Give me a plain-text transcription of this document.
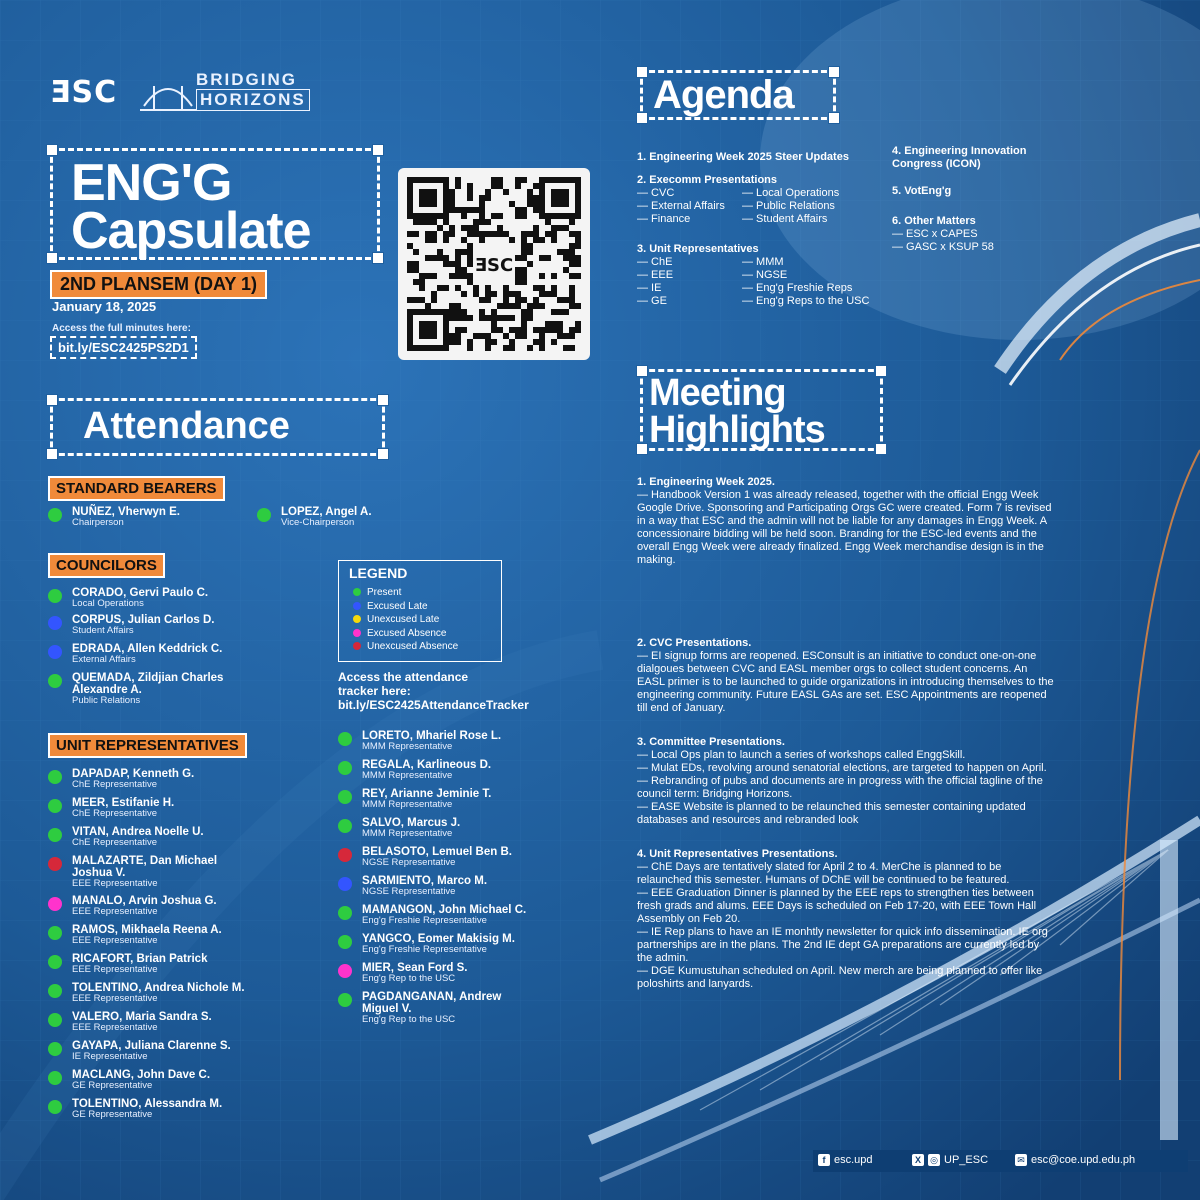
ƎSC	BRIDGING
HORIZONS
ENG'G
Capsulate
2ND PLANSEM (DAY 1)
January 18, 2025
Access the full minutes here:
bit.ly/ESC2425PS2D1
ƎSC
Attendance
STANDARD BEARERS
COUNCILORS
UNIT REPRESENTATIVES
NUÑEZ, Vherwyn E.
Chairperson
LOPEZ, Angel A.
Vice-Chairperson
CORADO, Gervi Paulo C.
Local Operations
CORPUS, Julian Carlos D.
Student Affairs
EDRADA, Allen Keddrick C.
External Affairs
QUEMADA, Zildjian Charles
Alexandre A.
Public Relations
DAPADAP, Kenneth G.
ChE Representative
MEER, Estifanie H.
ChE Representative
VITAN, Andrea Noelle U.
ChE Representative
MALAZARTE, Dan Michael
Joshua V.
EEE Representative
MANALO, Arvin Joshua G.
EEE Representative
RAMOS, Mikhaela Reena A.
EEE Representative
RICAFORT, Brian Patrick
EEE Representative
TOLENTINO, Andrea Nichole M.
EEE Representative
VALERO, Maria Sandra S.
EEE Representative
GAYAPA, Juliana Clarenne S.
IE Representative
MACLANG, John Dave C.
GE Representative
TOLENTINO, Alessandra M.
GE Representative
LORETO, Mhariel Rose L.
MMM Representative
REGALA, Karlineous D.
MMM Representative
REY, Arianne Jeminie T.
MMM Representative
SALVO, Marcus J.
MMM Representative
BELASOTO, Lemuel Ben B.
NGSE Representative
SARMIENTO, Marco M.
NGSE Representative
MAMANGON, John Michael C.
Eng'g Freshie Representative
YANGCO, Eomer Makisig M.
Eng'g Freshie Representative
MIER, Sean Ford S.
Eng'g Rep to the USC
PAGDANGANAN, Andrew
Miguel V.
Eng'g Rep to the USC
LEGEND
Present
Excused Late
Unexcused Late
Excused Absence
Unexcused Absence
Access the attendance
tracker here:
bit.ly/ESC2425AttendanceTracker
Agenda
1. Engineering Week 2025 Steer Updates
2. Execomm Presentations
— CVC
— External Affairs
— Finance
— Local Operations
— Public Relations
— Student Affairs
3. Unit Representatives
— ChE
— EEE
— IE
— GE
— MMM
— NGSE
— Eng'g Freshie Reps
— Eng'g Reps to the USC
4. Engineering Innovation
Congress (ICON)
5. VotEng'g
6. Other Matters
— ESC x CAPES
— GASC x KSUP 58
Meeting
Highlights
1. Engineering Week 2025.
— Handbook Version 1 was already released, together with the official Engg Week Google Drive. Sponsoring and Participating Orgs GC were created. Form 7 is revised in a way that ESC and the admin will not be liable for any damages in Engg Week. A concessionaire bidding will be held soon. Branding for the ESC-led events and the overall Engg Week were already finalized. Engg Week merchandise design is in the making.
2. CVC Presentations.
— EI signup forms are reopened. ESConsult is an initiative to conduct one-on-one dialgoues between CVC and EASL member orgs to collect student concerns. An EASL primer is to be launched to guide organizations in introducing themselves to the engineering community. Future EASL GAs are set. ESC Appointments are reopened till end of January.
3. Committee Presentations.
— Local Ops plan to launch a series of workshops called EnggSkill.
— Mulat EDs, revolving around senatorial elections, are targeted to happen on April.
— Rebranding of pubs and documents are in progress with the official tagline of the council term: Bridging Horizons.
— EASE Website is planned to be relaunched this semester containing updated databases and resources and rebranded look
4. Unit Representatives Presentations.
— ChE Days are tentatively slated for April 2 to 4. MerChe is planned to be relaunched this semester. Humans of DChE will be continued to be featured.
— EEE Graduation Dinner is planned by the EEE reps to strengthen ties between fresh grads and alums. EEE Days is scheduled on Feb 17-20, with EEE Town Hall Assembly on Feb 20.
— IE Rep plans to have an IE monhtly newsletter for quick info dissemination. IE org partnerships are in the plans. The 2nd IE dept GA preparations are currently led by the admin.
— DGE Kumustuhan scheduled on April. New merch are being planned to offer like poloshirts and lanyards.
f esc.upd	X ◎ UP_ESC	✉ esc@coe.upd.edu.ph
